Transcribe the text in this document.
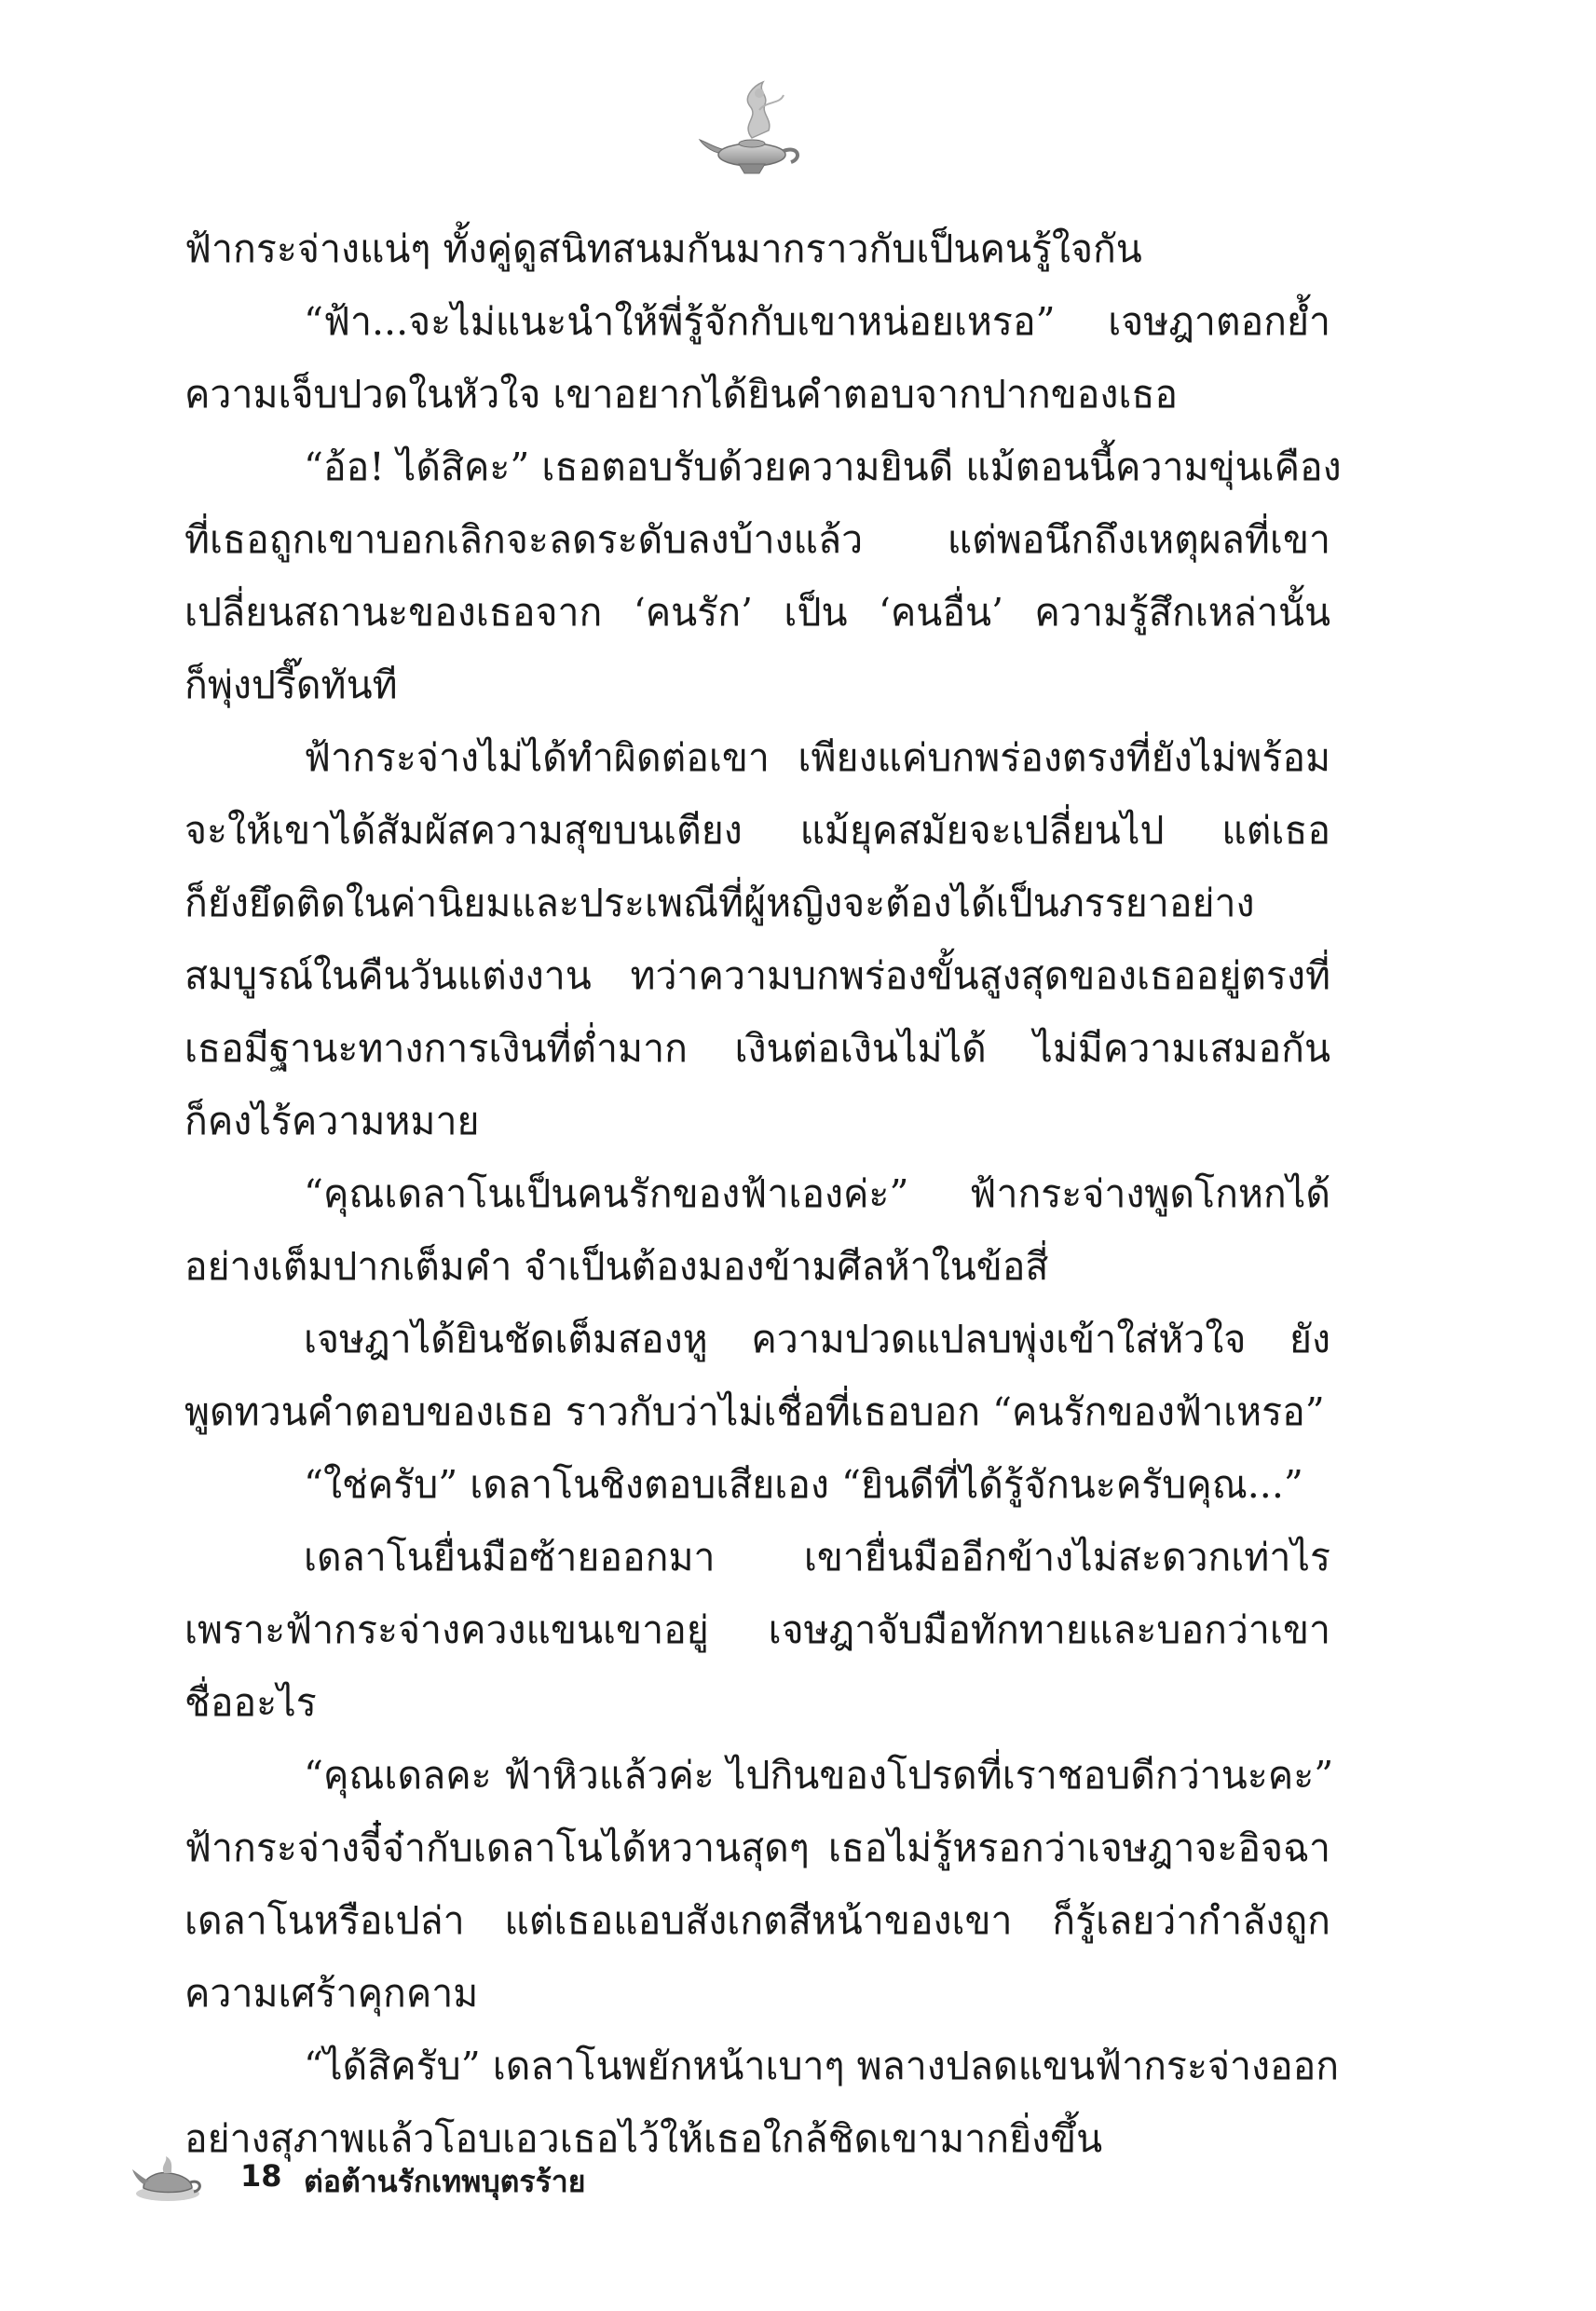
ฟ้ากระจ่างแน่ๆ ทั้งคู่ดูสนิทสนมกันมากราวกับเป็นคนรู้ใจกัน
“ฟ้า...จะไม่แนะนำให้พี่รู้จักกับเขาหน่อยเหรอ” เจษฎาตอกย้ำ
ความเจ็บปวดในหัวใจ เขาอยากได้ยินคำตอบจากปากของเธอ
“อ้อ! ได้สิคะ” เธอตอบรับด้วยความยินดี แม้ตอนนี้ความขุ่นเคือง
ที่เธอถูกเขาบอกเลิกจะลดระดับลงบ้างแล้ว แต่พอนึกถึงเหตุผลที่เขา
เปลี่ยนสถานะของเธอจาก ‘คนรัก’ เป็น ‘คนอื่น’ ความรู้สึกเหล่านั้น
ก็พุ่งปรี๊ดทันที
ฟ้ากระจ่างไม่ได้ทำผิดต่อเขา เพียงแค่บกพร่องตรงที่ยังไม่พร้อม
จะให้เขาได้สัมผัสความสุขบนเตียง แม้ยุคสมัยจะเปลี่ยนไป แต่เธอ
ก็ยังยึดติดในค่านิยมและประเพณีที่ผู้หญิงจะต้องได้เป็นภรรยาอย่าง
สมบูรณ์ในคืนวันแต่งงาน ทว่าความบกพร่องขั้นสูงสุดของเธออยู่ตรงที่
เธอมีฐานะทางการเงินที่ต่ำมาก เงินต่อเงินไม่ได้ ไม่มีความเสมอกัน
ก็คงไร้ความหมาย
“คุณเดลาโนเป็นคนรักของฟ้าเองค่ะ” ฟ้ากระจ่างพูดโกหกได้
อย่างเต็มปากเต็มคำ จำเป็นต้องมองข้ามศีลห้าในข้อสี่
เจษฎาได้ยินชัดเต็มสองหู ความปวดแปลบพุ่งเข้าใส่หัวใจ ยัง
พูดทวนคำตอบของเธอ ราวกับว่าไม่เชื่อที่เธอบอก “คนรักของฟ้าเหรอ”
“ใช่ครับ” เดลาโนชิงตอบเสียเอง “ยินดีที่ได้รู้จักนะครับคุณ...”
เดลาโนยื่นมือซ้ายออกมา เขายื่นมืออีกข้างไม่สะดวกเท่าไร
เพราะฟ้ากระจ่างควงแขนเขาอยู่ เจษฎาจับมือทักทายและบอกว่าเขา
ชื่ออะไร
“คุณเดลคะ ฟ้าหิวแล้วค่ะ ไปกินของโปรดที่เราชอบดีกว่านะคะ”
ฟ้ากระจ่างจี๋จ๋ากับเดลาโนได้หวานสุดๆ เธอไม่รู้หรอกว่าเจษฎาจะอิจฉา
เดลาโนหรือเปล่า แต่เธอแอบสังเกตสีหน้าของเขา ก็รู้เลยว่ากำลังถูก
ความเศร้าคุกคาม
“ได้สิครับ” เดลาโนพยักหน้าเบาๆ พลางปลดแขนฟ้ากระจ่างออก
อย่างสุภาพแล้วโอบเอวเธอไว้ให้เธอใกล้ชิดเขามากยิ่งขึ้น
18 ต่อต้านรักเทพบุตรร้าย
